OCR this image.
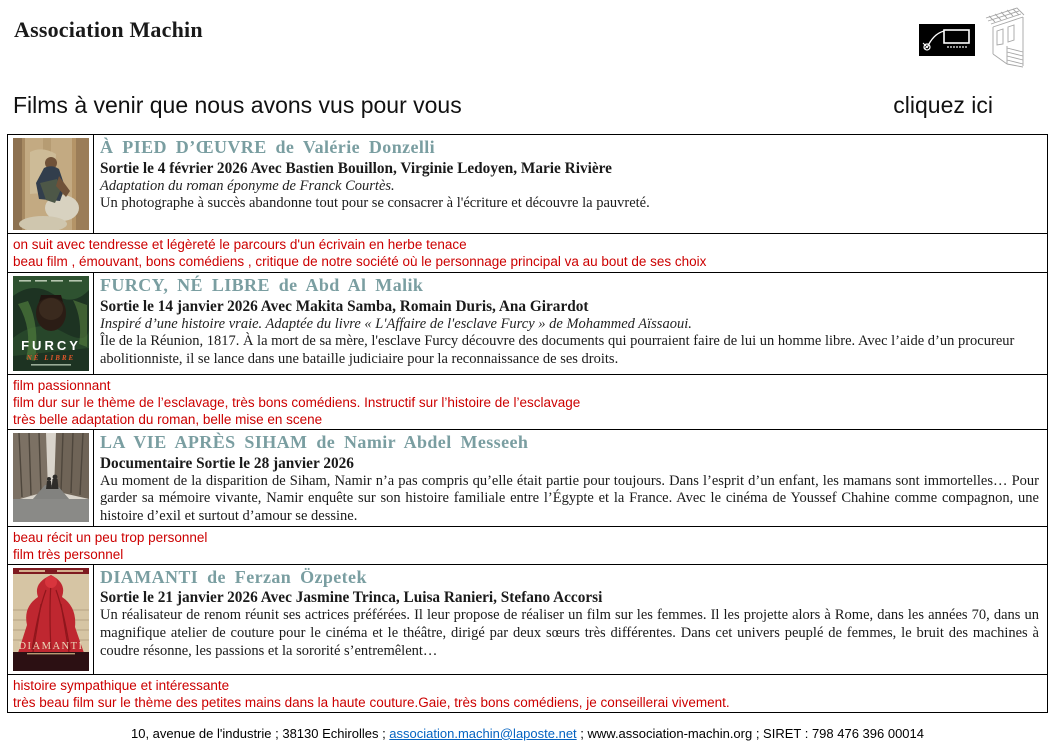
Association Machin
Films à venir que nous avons vus pour vous	cliquez ici

À PIED D’ŒUVRE de Valérie Donzelli
Sortie le 4 février 2026 Avec Bastien Bouillon, Virginie Ledoyen, Marie Rivière
Adaptation du roman éponyme de Franck Courtès.
Un photographe à succès abandonne tout pour se consacrer à l'écriture et découvre la pauvreté.

on suit avec tendresse et légèreté le parcours d'un écrivain en herbe tenace
beau film , émouvant, bons comédiens , critique de notre société où le personnage principal va au bout de ses choix	

FURCY
NÉ LIBRE

FURCY, NÉ LIBRE de Abd Al Malik
Sortie le 14 janvier 2026 Avec Makita Samba, Romain Duris, Ana Girardot
Inspiré d’une histoire vraie. Adaptée du livre « L'Affaire de l'esclave Furcy » de Mohammed Aïssaoui.
Île de la Réunion, 1817. À la mort de sa mère, l'esclave Furcy découvre des documents qui pourraient faire de lui un homme libre. Avec l’aide d’un procureur abolitionniste, il se lance dans une bataille judiciaire pour la reconnaissance de ses droits.

film passionnant
film dur sur le thème de l’esclavage, très bons comédiens. Instructif sur l’histoire de l’esclavage
très belle adaptation du roman, belle mise en scene	

LA VIE APRÈS SIHAM de Namir Abdel Messeeh
Documentaire Sortie le 28 janvier 2026
Au moment de la disparition de Siham, Namir n’a pas compris qu’elle était partie pour toujours. Dans l’esprit d’un enfant, les mamans sont immortelles… Pour garder sa mémoire vivante, Namir enquête sur son histoire familiale entre l’Égypte et la France. Avec le cinéma de Youssef Chahine comme compagnon, une histoire d’exil et surtout d’amour se dessine.

beau récit un peu trop personnel
film très personnel	

DIAMANTI	DIAMANTI de Ferzan Özpetek
Sortie le 21 janvier 2026 Avec Jasmine Trinca, Luisa Ranieri, Stefano Accorsi
Un réalisateur de renom réunit ses actrices préférées. Il leur propose de réaliser un film sur les femmes. Il les projette alors à Rome, dans les années 70, dans un magnifique atelier de couture pour le cinéma et le théâtre, dirigé par deux sœurs très différentes. Dans cet univers peuplé de femmes, le bruit des machines à coudre résonne, les passions et la sororité s’entremêlent…

histoire sympathique et intéressante
très beau film sur le thème des petites mains dans la haute couture.Gaie, très bons comédiens, je conseillerai vivement.	
10, avenue de l'industrie ; 38130 Echirolles ; association.machin@laposte.net ; www.association-machin.org ; SIRET : 798 476 396 00014
